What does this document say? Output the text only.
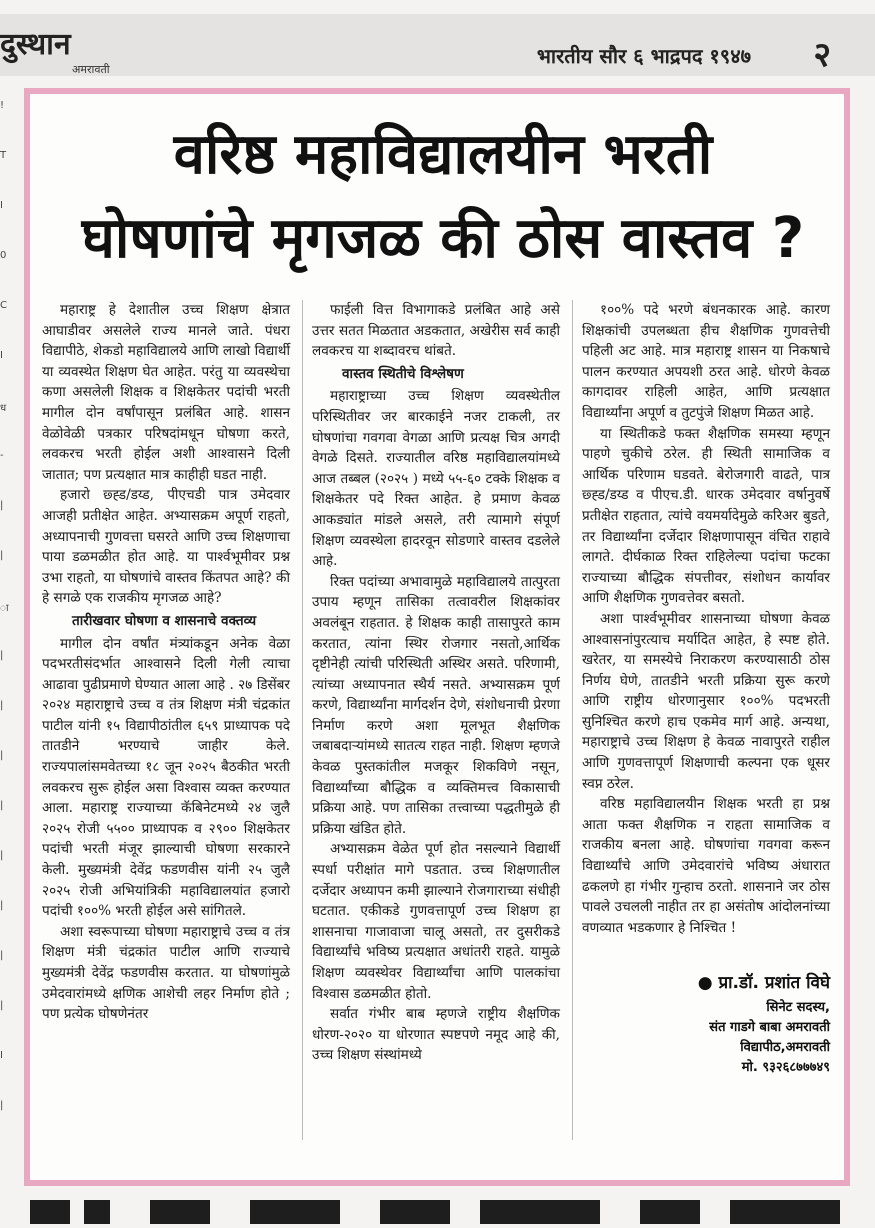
दुस्थान
अमरावती
भारतीय सौर ६ भाद्रपद १९४७ २
!
T
I
0
C
I
ध
-
|
|
ा
|
|
|
|
|
|
|
|
I
|
वरिष्ठ महाविद्यालयीन भरती
घोषणांचे मृगजळ की ठोस वास्तव ?

महाराष्ट्र हे देशातील उच्च शिक्षण क्षेत्रात आघाडीवर असलेले राज्य मानले जाते. पंधरा विद्यापीठे, शेकडो महाविद्यालये आणि लाखो विद्यार्थी या व्यवस्थेत शिक्षण घेत आहेत. परंतु या व्यवस्थेचा कणा असलेली शिक्षक व शिक्षकेतर पदांची भरती मागील दोन वर्षांपासून प्रलंबित आहे. शासन वेळोवेळी पत्रकार परिषदांमधून घोषणा करते, लवकरच भरती होईल अशी आश्वासने दिली जातात; पण प्रत्यक्षात मात्र काहीही घडत नाही.

हजारो छ्ह्ड/डय्ड, पीएचडी पात्र उमेदवार आजही प्रतीक्षेत आहेत. अभ्यासक्रम अपूर्ण राहतो, अध्यापनाची गुणवत्ता घसरते आणि उच्च शिक्षणाचा पाया डळमळीत होत आहे. या पार्श्वभूमीवर प्रश्न उभा राहतो, या घोषणांचे वास्तव किंतपत आहे? की हे सगळे एक राजकीय मृगजळ आहे?

तारीखवार घोषणा व शासनाचे वक्तव्य

मागील दोन वर्षांत मंत्र्यांकडून अनेक वेळा पदभरतीसंदर्भात आश्वासने दिली गेली त्याचा आढावा पुढीप्रमाणे घेण्यात आला आहे . २७ डिसेंबर २०२४ महाराष्ट्राचे उच्च व तंत्र शिक्षण मंत्री चंद्रकांत पाटील यांनी १५ विद्यापीठांतील ६५९ प्राध्यापक पदे तातडीने भरण्याचे जाहीर केले. राज्यपालांसमवेतच्या १८ जून २०२५ बैठकीत भरती लवकरच सुरू होईल असा विश्वास व्यक्त करण्यात आला. महाराष्ट्र राज्याच्या कॅबिनेटमध्ये २४ जुलै २०२५ रोजी ५५०० प्राध्यापक व २९०० शिक्षकेतर पदांची भरती मंजूर झाल्याची घोषणा सरकारने केली. मुख्यमंत्री देवेंद्र फडणवीस यांनी २५ जुलै २०२५ रोजी अभियांत्रिकी महाविद्यालयांत हजारो पदांची १००% भरती होईल असे सांगितले.

अशा स्वरूपाच्या घोषणा महाराष्ट्राचे उच्च व तंत्र शिक्षण मंत्री चंद्रकांत पाटील आणि राज्याचे मुख्यमंत्री देवेंद्र फडणवीस करतात. या घोषणांमुळे उमेदवारांमध्ये क्षणिक आशेची लहर निर्माण होते ; पण प्रत्येक घोषणेनंतर

फाईली वित्त विभागाकडे प्रलंबित आहे असे उत्तर सतत मिळतात अडकतात, अखेरीस सर्व काही लवकरच या शब्दावरच थांबते.

वास्तव स्थितीचे विश्लेषण

महाराष्ट्राच्या उच्च शिक्षण व्यवस्थेतील परिस्थितीवर जर बारकाईने नजर टाकली, तर घोषणांचा गवगवा वेगळा आणि प्रत्यक्ष चित्र अगदी वेगळे दिसते. राज्यातील वरिष्ठ महाविद्यालयांमध्ये आज तब्बल (२०२५ ) मध्ये ५५-६० टक्के शिक्षक व शिक्षकेतर पदे रिक्त आहेत. हे प्रमाण केवळ आकड्यांत मांडले असले, तरी त्यामागे संपूर्ण शिक्षण व्यवस्थेला हादरवून सोडणारे वास्तव दडलेले आहे.

रिक्त पदांच्या अभावामुळे महाविद्यालये तात्पुरता उपाय म्हणून तासिका तत्वावरील शिक्षकांवर अवलंबून राहतात. हे शिक्षक काही तासापुरते काम करतात, त्यांना स्थिर रोजगार नसतो,आर्थिक दृष्टीनेही त्यांची परिस्थिती अस्थिर असते. परिणामी, त्यांच्या अध्यापनात स्थैर्य नसते. अभ्यासक्रम पूर्ण करणे, विद्यार्थ्यांना मार्गदर्शन देणे, संशोधनाची प्रेरणा निर्माण करणे अशा मूलभूत शैक्षणिक जबाबदाऱ्यांमध्ये सातत्य राहत नाही. शिक्षण म्हणजे केवळ पुस्तकांतील मजकूर शिकविणे नसून, विद्यार्थ्यांच्या बौद्धिक व व्यक्तिमत्त्व विकासाची प्रक्रिया आहे. पण तासिका तत्त्वाच्या पद्धतीमुळे ही प्रक्रिया खंडित होते.

अभ्यासक्रम वेळेत पूर्ण होत नसल्याने विद्यार्थी स्पर्धा परीक्षांत मागे पडतात. उच्च शिक्षणातील दर्जेदार अध्यापन कमी झाल्याने रोजगाराच्या संधीही घटतात. एकीकडे गुणवत्तापूर्ण उच्च शिक्षण हा शासनाचा गाजावाजा चालू असतो, तर दुसरीकडे विद्यार्थ्यांचे भविष्य प्रत्यक्षात अधांतरी राहते. यामुळे शिक्षण व्यवस्थेवर विद्यार्थ्यांचा आणि पालकांचा विश्वास डळमळीत होतो.

सर्वात गंभीर बाब म्हणजे राष्ट्रीय शैक्षणिक धोरण-२०२० या धोरणात स्पष्टपणे नमूद आहे की, उच्च शिक्षण संस्थांमध्ये

१००% पदे भरणे बंधनकारक आहे. कारण शिक्षकांची उपलब्धता हीच शैक्षणिक गुणवत्तेची पहिली अट आहे. मात्र महाराष्ट्र शासन या निकषाचे पालन करण्यात अपयशी ठरत आहे. धोरणे केवळ कागदावर राहिली आहेत, आणि प्रत्यक्षात विद्यार्थ्यांना अपूर्ण व तुटपुंजे शिक्षण मिळत आहे.

या स्थितीकडे फक्त शैक्षणिक समस्या म्हणून पाहणे चुकीचे ठरेल. ही स्थिती सामाजिक व आर्थिक परिणाम घडवते. बेरोजगारी वाढते, पात्र छ्ह्ड/डय्ड व पीएच.डी. धारक उमेदवार वर्षानुवर्षे प्रतीक्षेत राहतात, त्यांचे वयमर्यादेमुळे करिअर बुडते, तर विद्यार्थ्यांना दर्जेदार शिक्षणापासून वंचित राहावे लागते. दीर्घकाळ रिक्त राहिलेल्या पदांचा फटका राज्याच्या बौद्धिक संपत्तीवर, संशोधन कार्यावर आणि शैक्षणिक गुणवत्तेवर बसतो.

अशा पार्श्वभूमीवर शासनाच्या घोषणा केवळ आश्वासनांपुरत्याच मर्यादित आहेत, हे स्पष्ट होते. खरेतर, या समस्येचे निराकरण करण्यासाठी ठोस निर्णय घेणे, तातडीने भरती प्रक्रिया सुरू करणे आणि राष्ट्रीय धोरणानुसार १००% पदभरती सुनिश्चित करणे हाच एकमेव मार्ग आहे. अन्यथा, महाराष्ट्राचे उच्च शिक्षण हे केवळ नावापुरते राहील आणि गुणवत्तापूर्ण शिक्षणाची कल्पना एक धूसर स्वप्न ठरेल.

वरिष्ठ महाविद्यालयीन शिक्षक भरती हा प्रश्न आता फक्त शैक्षणिक न राहता सामाजिक व राजकीय बनला आहे. घोषणांचा गवगवा करून विद्यार्थ्यांचे आणि उमेदवारांचे भविष्य अंधारात ढकलणे हा गंभीर गुन्हाच ठरतो. शासनाने जर ठोस पावले उचलली नाहीत तर हा असंतोष आंदोलनांच्या वणव्यात भडकणार हे निश्चित !

● प्रा.डॉ. प्रशांत विघे
सिनेट सदस्य,
संत गाडगे बाबा अमरावती
विद्यापीठ,अमरावती
मो. ९३२६८७७७४९
